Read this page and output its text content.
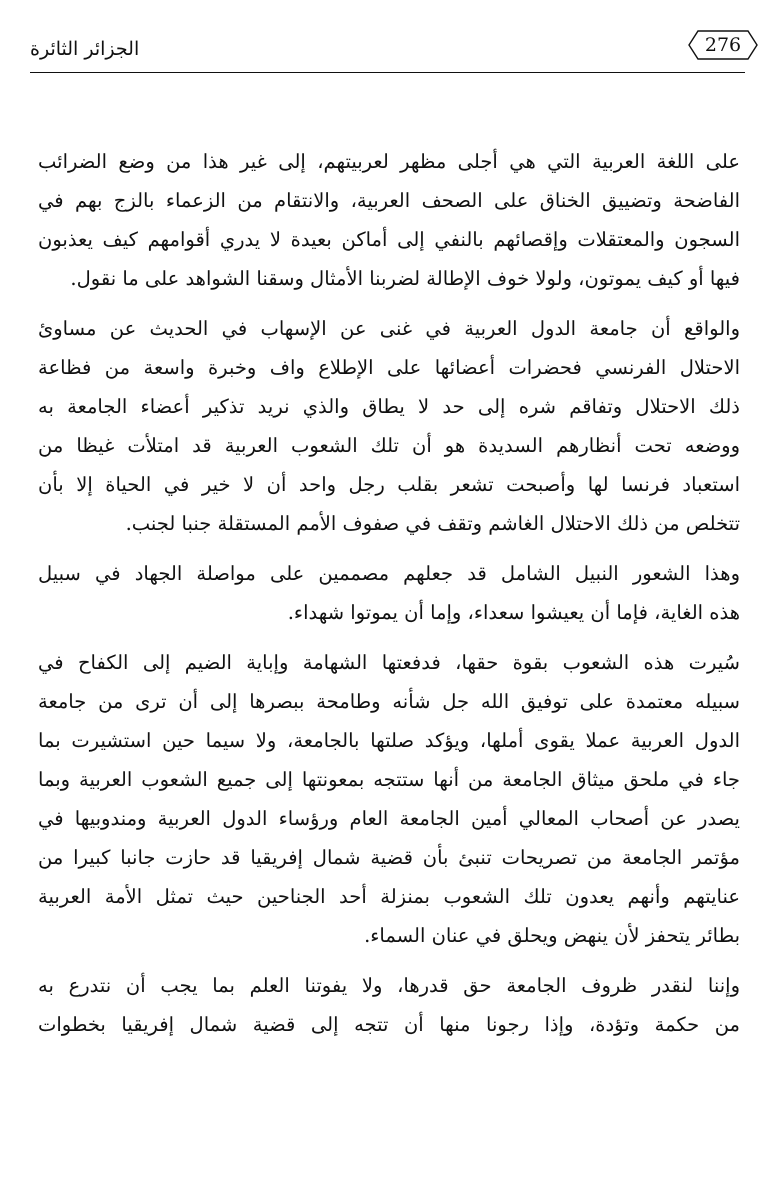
276
الجزائر الثائرة
على اللغة العربية التي هي أجلى مظهر لعربيتهم، إلى غير هذا من وضع الضرائب
الفاضحة وتضييق الخناق على الصحف العربية، والانتقام من الزعماء بالزج بهم في
السجون والمعتقلات وإقصائهم بالنفي إلى أماكن بعيدة لا يدري أقوامهم كيف يعذبون
فيها أو كيف يموتون، ولولا خوف الإطالة لضربنا الأمثال وسقنا الشواهد على ما نقول.
والواقع أن جامعة الدول العربية في غنى عن الإسهاب في الحديث عن مساوئ
الاحتلال الفرنسي فحضرات أعضائها على الإطلاع واف وخبرة واسعة من فظاعة
ذلك الاحتلال وتفاقم شره إلى حد لا يطاق والذي نريد تذكير أعضاء الجامعة به
ووضعه تحت أنظارهم السديدة هو أن تلك الشعوب العربية قد امتلأت غيظا من
استعباد فرنسا لها وأصبحت تشعر بقلب رجل واحد أن لا خير في الحياة إلا بأن
تتخلص من ذلك الاحتلال الغاشم وتقف في صفوف الأمم المستقلة جنبا لجنب.
وهذا الشعور النبيل الشامل قد جعلهم مصممين على مواصلة الجهاد في سبيل
هذه الغاية، فإما أن يعيشوا سعداء، وإما أن يموتوا شهداء.
سُيرت هذه الشعوب بقوة حقها، فدفعتها الشهامة وإباية الضيم إلى الكفاح في
سبيله معتمدة على توفيق الله جل شأنه وطامحة ببصرها إلى أن ترى من جامعة
الدول العربية عملا يقوى أملها، ويؤكد صلتها بالجامعة، ولا سيما حين استشيرت بما
جاء في ملحق ميثاق الجامعة من أنها ستتجه بمعونتها إلى جميع الشعوب العربية وبما
يصدر عن أصحاب المعالي أمين الجامعة العام ورؤساء الدول العربية ومندوبيها في
مؤتمر الجامعة من تصريحات تنبئ بأن قضية شمال إفريقيا قد حازت جانبا كبيرا من
عنايتهم وأنهم يعدون تلك الشعوب بمنزلة أحد الجناحين حيث تمثل الأمة العربية
بطائر يتحفز لأن ينهض ويحلق في عنان السماء.
وإننا لنقدر ظروف الجامعة حق قدرها، ولا يفوتنا العلم بما يجب أن نتدرع به
من حكمة وتؤدة، وإذا رجونا منها أن تتجه إلى قضية شمال إفريقيا بخطوات
